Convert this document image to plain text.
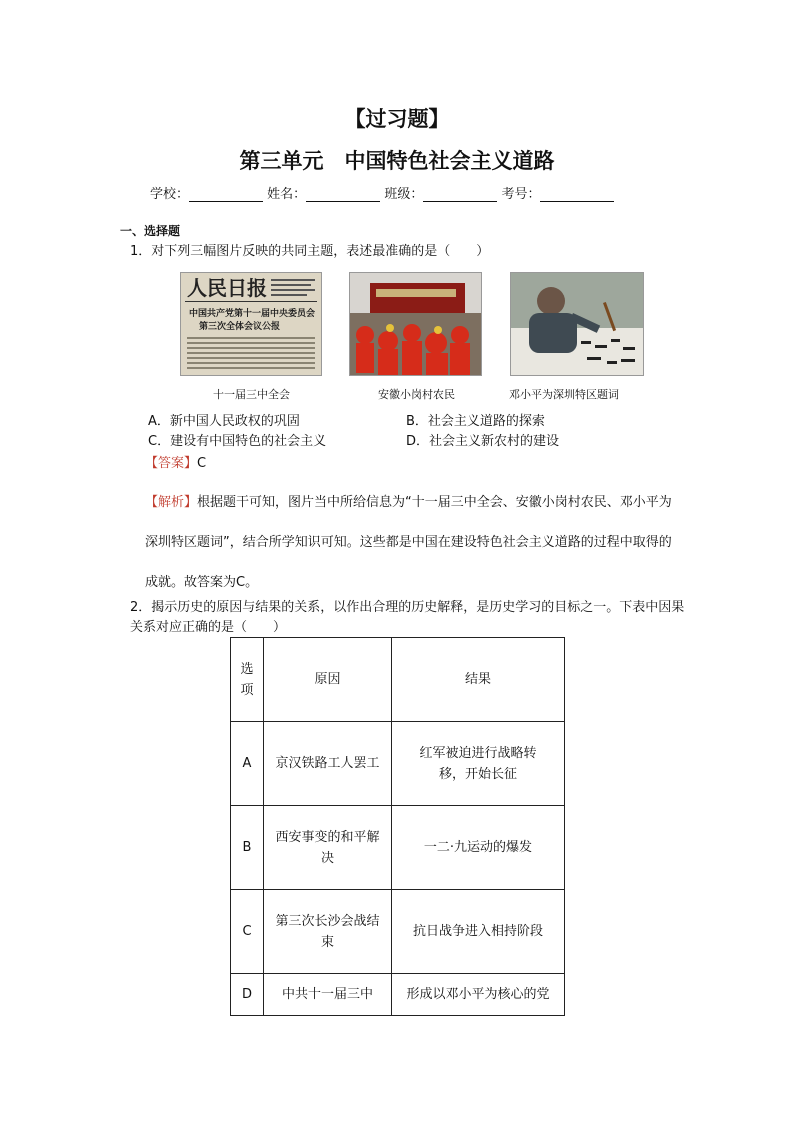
【过习题】
第三单元　中国特色社会主义道路
学校：	姓名：	班级：	考号：
一、选择题
1．对下列三幅图片反映的共同主题，表述最准确的是（　　）
人民日报
中国共产党第十一届中央委员会
第三次全体会议公报
十一届三中全会	安徽小岗村农民	邓小平为深圳特区题词
A．新中国人民政权的巩固	B．社会主义道路的探索
C．建设有中国特色的社会主义	D．社会主义新农村的建设
【答案】C
【解析】根据题干可知，图片当中所给信息为“十一届三中全会、安徽小岗村农民、邓小平为深圳特区题词”，结合所学知识可知。这些都是中国在建设特色社会主义道路的过程中取得的成就。故答案为C。
2．揭示历史的原因与结果的关系，以作出合理的历史解释，是历史学习的目标之一。下表中因果关系对应正确的是（　　）
选项	原因	结果
A	京汉铁路工人罢工	红军被迫进行战略转移，开始长征

B	西安事变的和平解决	一二·九运动的爆发
C	第三次长沙会战结束	抗日战争进入相持阶段
D	中共十一届三中	形成以邓小平为核心的党
